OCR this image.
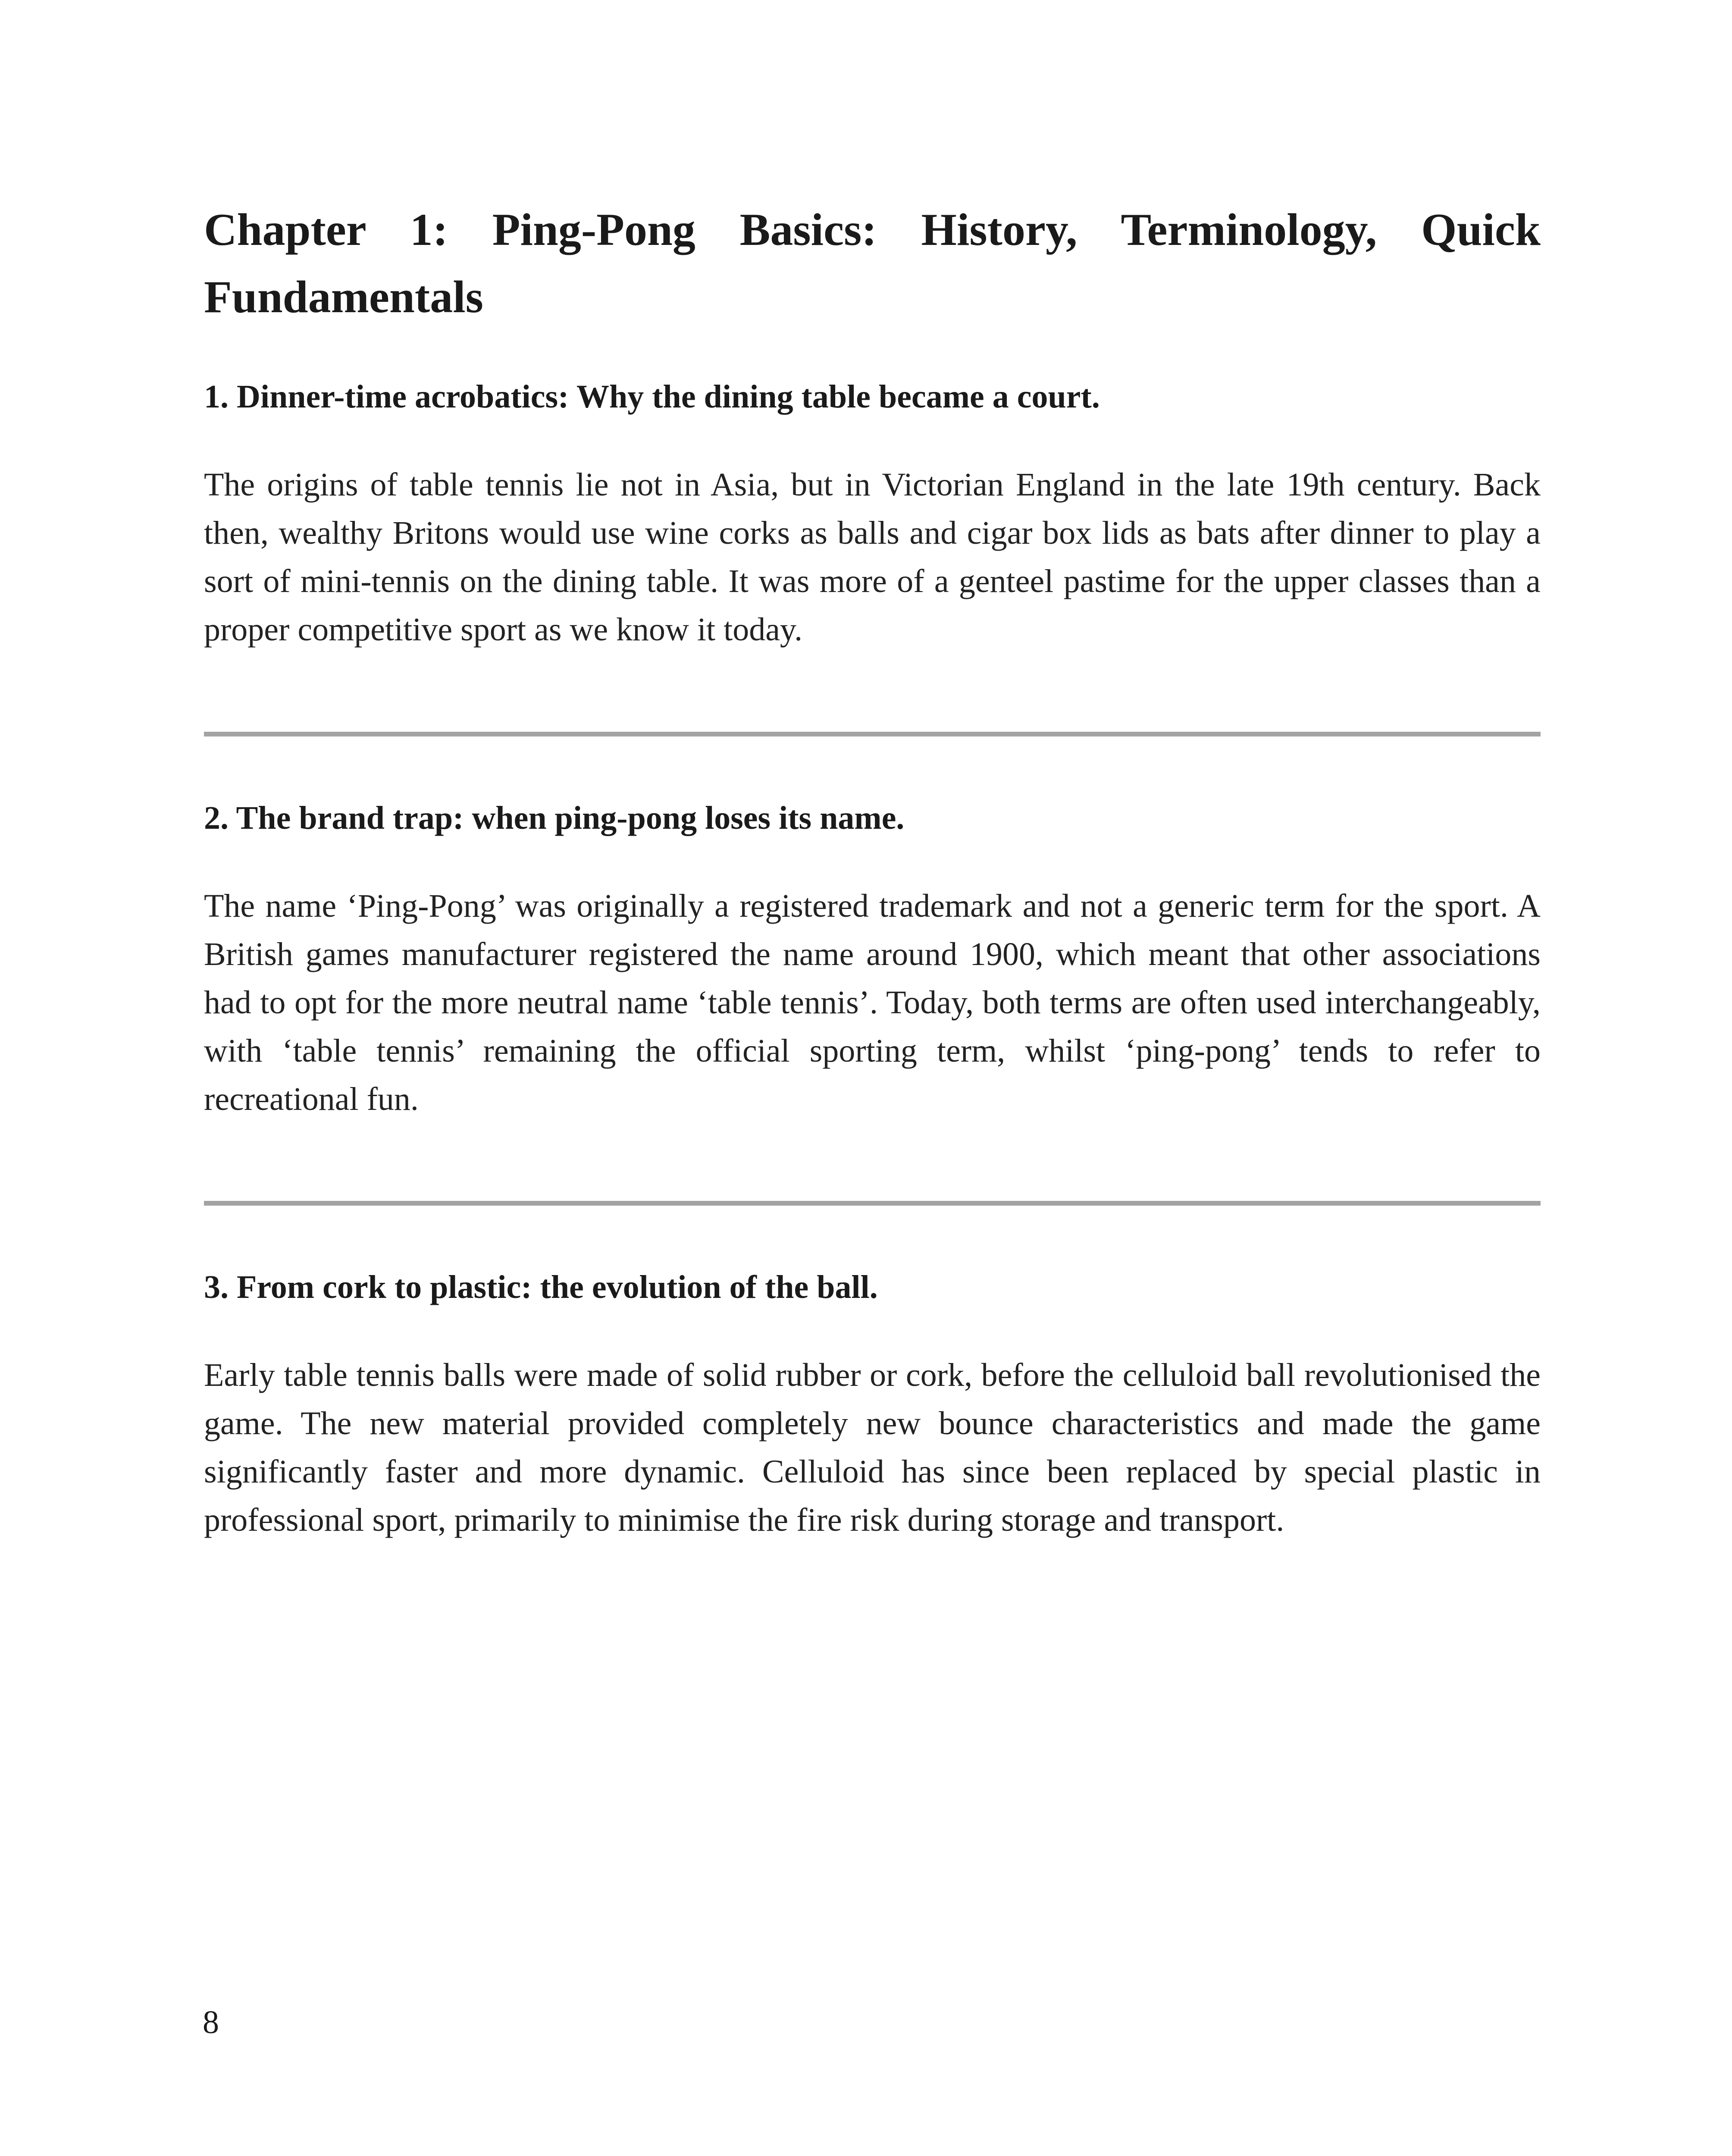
Chapter 1: Ping-Pong Basics: History, Terminology, Quick Fundamentals
1. Dinner-time acrobatics: Why the dining table became a court.

The origins of table tennis lie not in Asia, but in Victorian England in the late 19th century. Back then, wealthy Britons would use wine corks as balls and cigar box lids as bats after dinner to play a sort of mini-tennis on the dining table. It was more of a genteel pastime for the upper classes than a proper competitive sport as we know it today.

2. The brand trap: when ping-pong loses its name.

The name ‘Ping-Pong’ was originally a registered trademark and not a generic term for the sport. A British games manufacturer registered the name around 1900, which meant that other associations had to opt for the more neutral name ‘table tennis’. Today, both terms are often used interchangeably, with ‘table tennis’ remaining the official sporting term, whilst ‘ping-pong’ tends to refer to recreational fun.

3. From cork to plastic: the evolution of the ball.

Early table tennis balls were made of solid rubber or cork, before the celluloid ball revolutionised the game. The new material provided completely new bounce characteristics and made the game significantly faster and more dynamic. Celluloid has since been replaced by special plastic in professional sport, primarily to minimise the fire risk during storage and transport.

8
